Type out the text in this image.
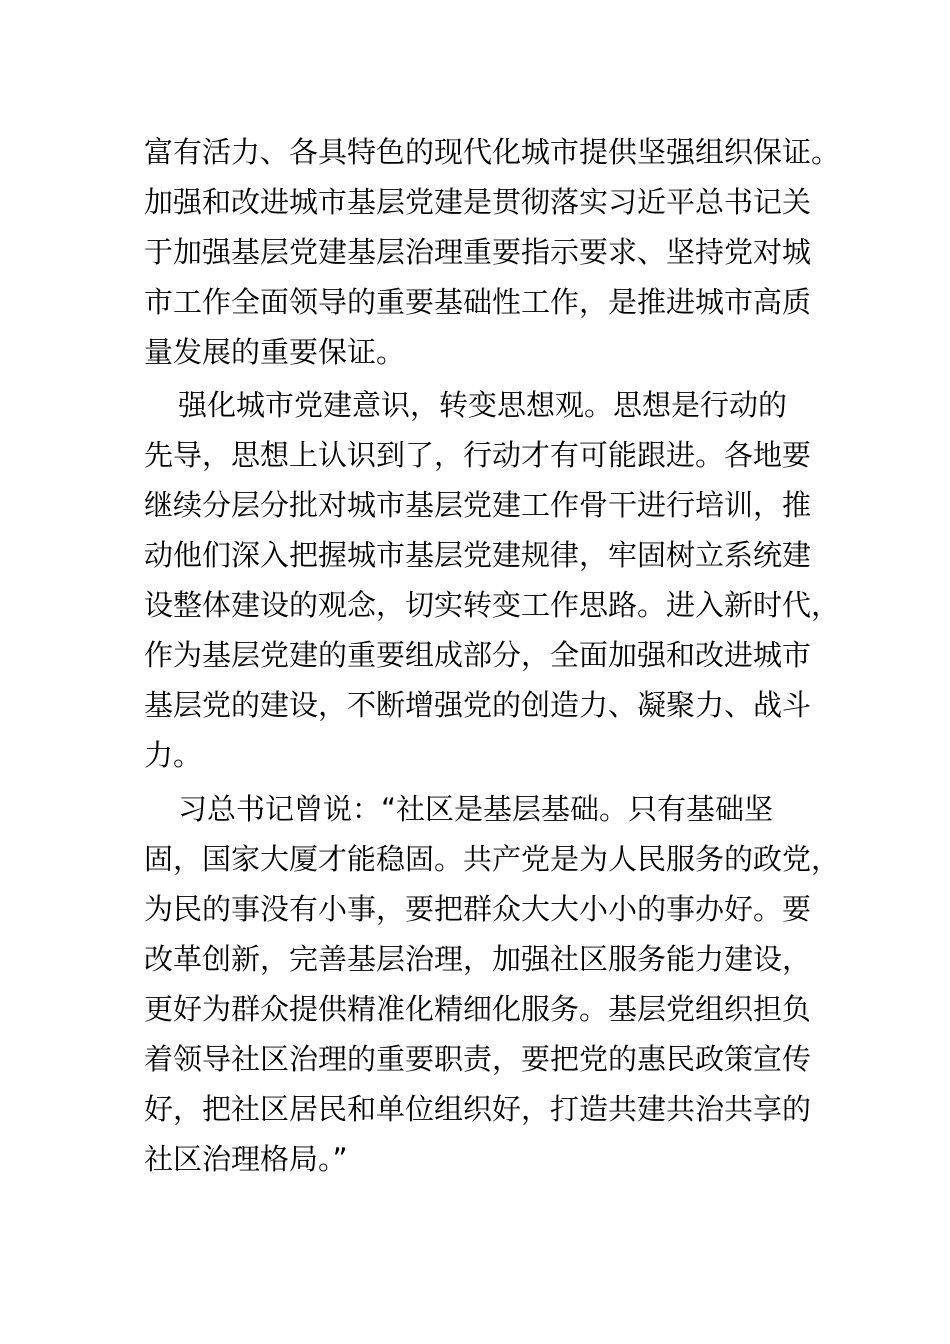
富有活力、各具特色的现代化城市提供坚强组织保证。
加强和改进城市基层党建是贯彻落实习近平总书记关
于加强基层党建基层治理重要指示要求、坚持党对城
市工作全面领导的重要基础性工作，是推进城市高质
量发展的重要保证。
强化城市党建意识，转变思想观。思想是行动的
先导，思想上认识到了，行动才有可能跟进。各地要
继续分层分批对城市基层党建工作骨干进行培训，推
动他们深入把握城市基层党建规律，牢固树立系统建
设整体建设的观念，切实转变工作思路。进入新时代，
作为基层党建的重要组成部分，全面加强和改进城市
基层党的建设，不断增强党的创造力、凝聚力、战斗
力。
习总书记曾说：“社区是基层基础。只有基础坚
固，国家大厦才能稳固。共产党是为人民服务的政党，
为民的事没有小事，要把群众大大小小的事办好。要
改革创新，完善基层治理，加强社区服务能力建设，
更好为群众提供精准化精细化服务。基层党组织担负
着领导社区治理的重要职责，要把党的惠民政策宣传
好，把社区居民和单位组织好，打造共建共治共享的
社区治理格局。”
